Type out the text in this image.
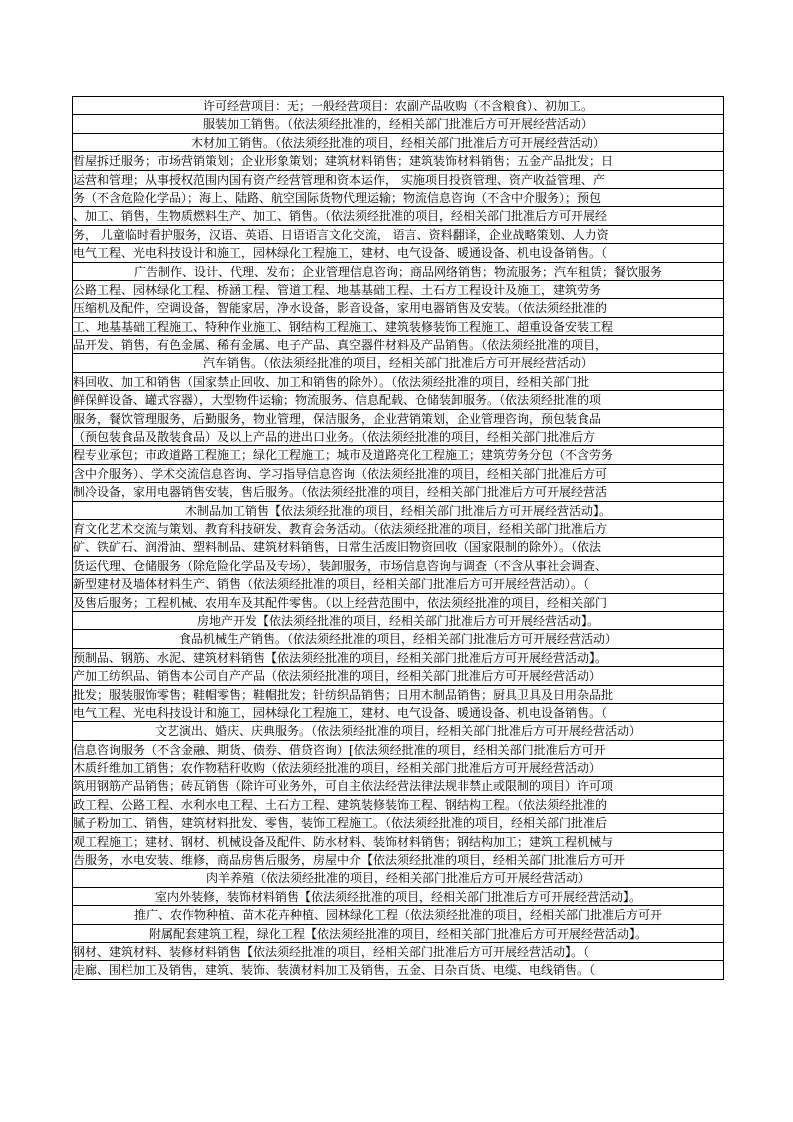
许可经营项目：无；一般经营项目：农副产品收购（不含粮食）、初加工。
服装加工销售。（依法须经批准的，经相关部门批准后方可开展经营活动）
木材加工销售。（依法须经批准的项目，经相关部门批准后方可开展经营活动）
晢屋拆迁服务；市场营销策划；企业形象策划；建筑材料销售；建筑装饰材料销售；五金产品批发；日
运营和管理；从事授权范围内国有资产经营管理和资本运作， 实施项目投资管理、资产收益管理、产
务（不含危险化学品）；海上、陆路、航空国际货物代理运输；物流信息咨询（不含中介服务）；预包
、加工、销售，生物质燃料生产、加工、销售。（依法须经批准的项目，经相关部门批准后方可开展经
务， 儿童临时看护服务，汉语、英语、日语语言文化交流， 语言、资料翻译，企业战略策划、人力资
电气工程、光电科技设计和施工，园林绿化工程施工，建材、电气设备、暖通设备、机电设备销售。（
广告制作、设计、代理、发布；企业管理信息咨询；商品网络销售；物流服务；汽车租赁；餐饮服务
公路工程、园林绿化工程、桥涵工程、管道工程、地基基础工程、土石方工程设计及施工，建筑劳务
压缩机及配件，空调设备，智能家居，净水设备，影音设备，家用电器销售及安装。（依法须经批准的
工、地基基础工程施工、特种作业施工、钢结构工程施工、建筑装修装饰工程施工、超重设备安装工程
品开发、销售，有色金属、稀有金属、电子产品、真空器件材料及产品销售。（依法须经批准的项目，
汽车销售。（依法须经批准的项目，经相关部门批准后方可开展经营活动）
料回收、加工和销售（国家禁止回收、加工和销售的除外）。（依法须经批准的项目，经相关部门批
鲜保鲜设备、罐式容器），大型物件运输；物流服务、信息配载、仓储装卸服务。（依法须经批准的项
服务，餐饮管理服务，后勤服务，物业管理，保洁服务，企业营销策划，企业管理咨询，预包装食品
（预包装食品及散装食品）及以上产品的进出口业务。（依法须经批准的项目，经相关部门批准后方
程专业承包；市政道路工程施工；绿化工程施工；城市及道路亮化工程施工；建筑劳务分包（不含劳务
含中介服务）、学术交流信息咨询、学习指导信息咨询（依法须经批准的项目，经相关部门批准后方可
制冷设备，家用电器销售安装，售后服务。（依法须经批准的项目，经相关部门批准后方可开展经营活
木制品加工销售【依法须经批准的项目，经相关部门批准后方可开展经营活动】。
育文化艺术交流与策划、教育科技研发、教育会务活动。（依法须经批准的项目，经相关部门批准后方
矿、铁矿石、润滑油、塑料制品、建筑材料销售，日常生活废旧物资回收（国家限制的除外）。（依法
货运代理、仓储服务（除危险化学品及专场），装卸服务，市场信息咨询与调查（不含从事社会调查、
新型建材及墙体材料生产、销售（依法须经批准的项目，经相关部门批准后方可开展经营活动）。（
及售后服务；工程机械、农用车及其配件零售。（以上经营范围中，依法须经批准的项目，经相关部门
房地产开发【依法须经批准的项目，经相关部门批准后方可开展经营活动】。
食品机械生产销售。（依法须经批准的项目，经相关部门批准后方可开展经营活动）
预制品、钢筋、水泥、建筑材料销售【依法须经批准的项目，经相关部门批准后方可开展经营活动】。
产加工纺织品、销售本公司自产产品（依法须经批准的项目，经相关部门批准后方可开展经营活动）
批发；服装服饰零售；鞋帽零售；鞋帽批发；针纺织品销售；日用木制品销售；厨具卫具及日用杂品批
电气工程、光电科技设计和施工，园林绿化工程施工，建材、电气设备、暖通设备、机电设备销售。（
文艺演出、婚庆、庆典服务。（依法须经批准的项目，经相关部门批准后方可开展经营活动）
信息咨询服务（不含金融、期货、债券、借贷咨询）[依法须经批准的项目，经相关部门批准后方可开
木质纤维加工销售；农作物秸秆收购（依法须经批准的项目，经相关部门批准后方可开展经营活动）
筑用钢筋产品销售；砖瓦销售（除许可业务外，可自主依法经营法律法规非禁止或限制的项目）许可项
政工程、公路工程、水利水电工程、土石方工程、建筑装修装饰工程、钢结构工程。（依法须经批准的
腻子粉加工、销售，建筑材料批发、零售，装饰工程施工。（依法须经批准的项目，经相关部门批准后
观工程施工；建材、钢材、机械设备及配件、防水材料、装饰材料销售；钢结构加工；建筑工程机械与
告服务，水电安装、维修，商品房售后服务，房屋中介【依法须经批准的项目，经相关部门批准后方可开
肉羊养殖（依法须经批准的项目，经相关部门批准后方可开展经营活动）
室内外装修，装饰材料销售【依法须经批准的项目，经相关部门批准后方可开展经营活动】。
推广、农作物种植、苗木花卉种植、园林绿化工程（依法须经批准的项目，经相关部门批准后方可开
附属配套建筑工程，绿化工程【依法须经批准的项目，经相关部门批准后方可开展经营活动】。
钢材、建筑材料、装修材料销售【依法须经批准的项目，经相关部门批准后方可开展经营活动】。（
走廊、围栏加工及销售，建筑、装饰、装潢材料加工及销售，五金、日杂百货、电缆、电线销售。（
